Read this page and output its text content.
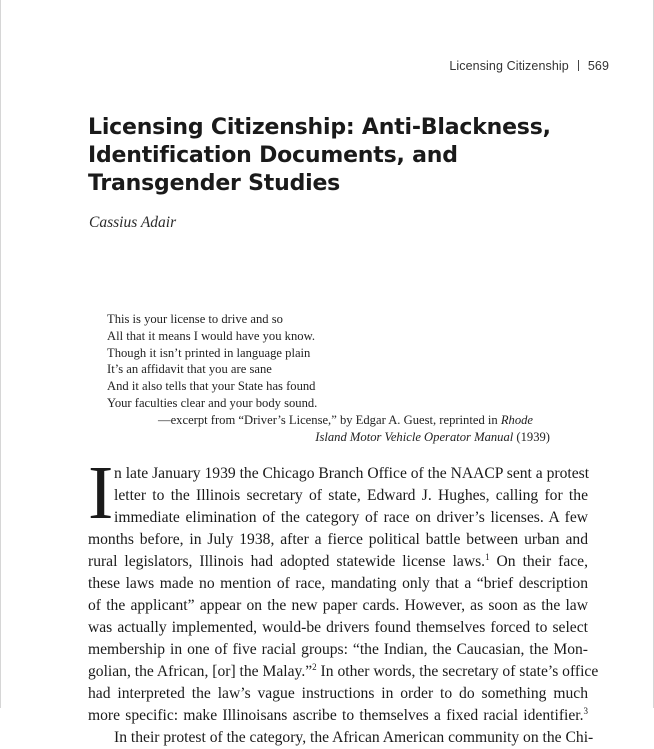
Licensing Citizenship 569
Licensing Citizenship: Anti-Blackness,
Identification Documents, and
Transgender Studies
Cassius Adair
This is your license to drive and so
All that it means I would have you know.
Though it isn’t printed in language plain
It’s an affidavit that you are sane
And it also tells that your State has found
Your faculties clear and your body sound.
—excerpt from “Driver’s License,” by Edgar A. Guest, reprinted in Rhode
Island Motor Vehicle Operator Manual (1939)
I n late January 1939 the Chicago Branch Office of the NAACP sent a protest
letter to the Illinois secretary of state, Edward J. Hughes, calling for the
immediate elimination of the category of race on driver’s licenses. A few
months before, in July 1938, after a fierce political battle between urban and
rural legislators, Illinois had adopted statewide license laws.$^1$ On their face,
these laws made no mention of race, mandating only that a “brief description
of the applicant” appear on the new paper cards. However, as soon as the law
was actually implemented, would-be drivers found themselves forced to select
membership in one of five racial groups: “the Indian, the Caucasian, the Mon-
golian, the African, [or] the Malay.”$^2$ In other words, the secretary of state’s office
had interpreted the law’s vague instructions in order to do something much
more specific: make Illinoisans ascribe to themselves a fixed racial identifier.$^3$
In their protest of the category, the African American community on the Chi-
